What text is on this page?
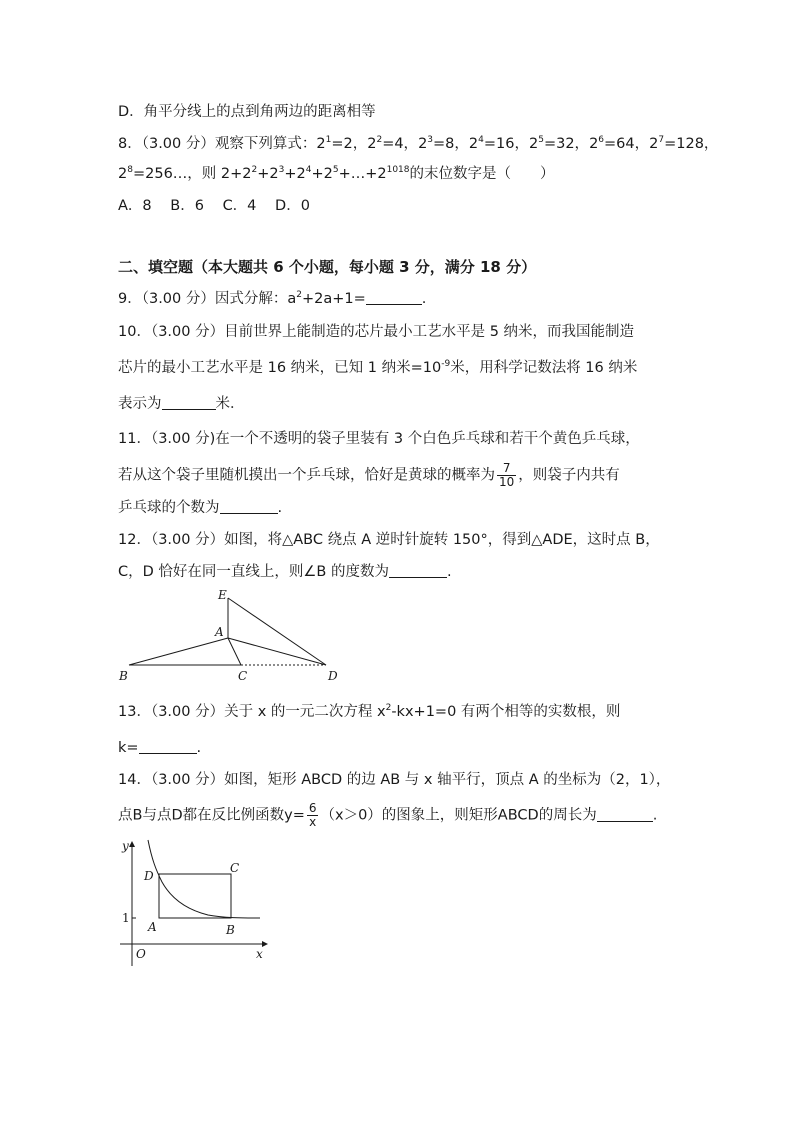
D．角平分线上的点到角两边的距离相等
8．（3.00 分）观察下列算式：$2^1=2$，$2^2=4$，$2^3=8$，$2^4=16$，$2^5=32$，$2^6=64$，$2^7=128$，
$2^8=256\dots$，则 $2+2^2+2^3+2^4+2^5+\dots+2^{1018}$的末位数字是（　　）
A．8 B．6 C．4 D．0
二、填空题（本大题共 6 个小题，每小题 3 分，满分 18 分）
9．（3.00 分）因式分解：$a^2+2a+1=$	.
10．（3.00 分）目前世界上能制造的芯片最小工艺水平是 5 纳米，而我国能制造
芯片的最小工艺水平是 16 纳米，已知 1 纳米$=10^{-9}$米，用科学记数法将 16 纳米
表示为	米．
11．（3.00 分)在一个不透明的袋子里装有 3 个白色乒乓球和若干个黄色乒乓球，
若从这个袋子里随机摸出一个乒乓球，恰好是黄球的概率为 $\frac{7}{10}$ ，则袋子内共有
乒乓球的个数为	.
12．（3.00 分）如图，将△ABC 绕点 A 逆时针旋转 150°，得到△ADE，这时点 B，
C，D 恰好在同一直线上，则∠B 的度数为	.
E
A
B	C	D
13．（3.00 分）关于 x 的一元二次方程 $x^2-kx+1=0$ 有两个相等的实数根，则
k=	.
14．（3.00 分）如图，矩形 ABCD 的边 AB 与 x 轴平行，顶点 A 的坐标为（2，1），
点B与点D都在反比例函数$y= \frac{6}{x} (x>0)$的图象上，则矩形ABCD的周长为	.
y
x
O
1
A	B
C
D
